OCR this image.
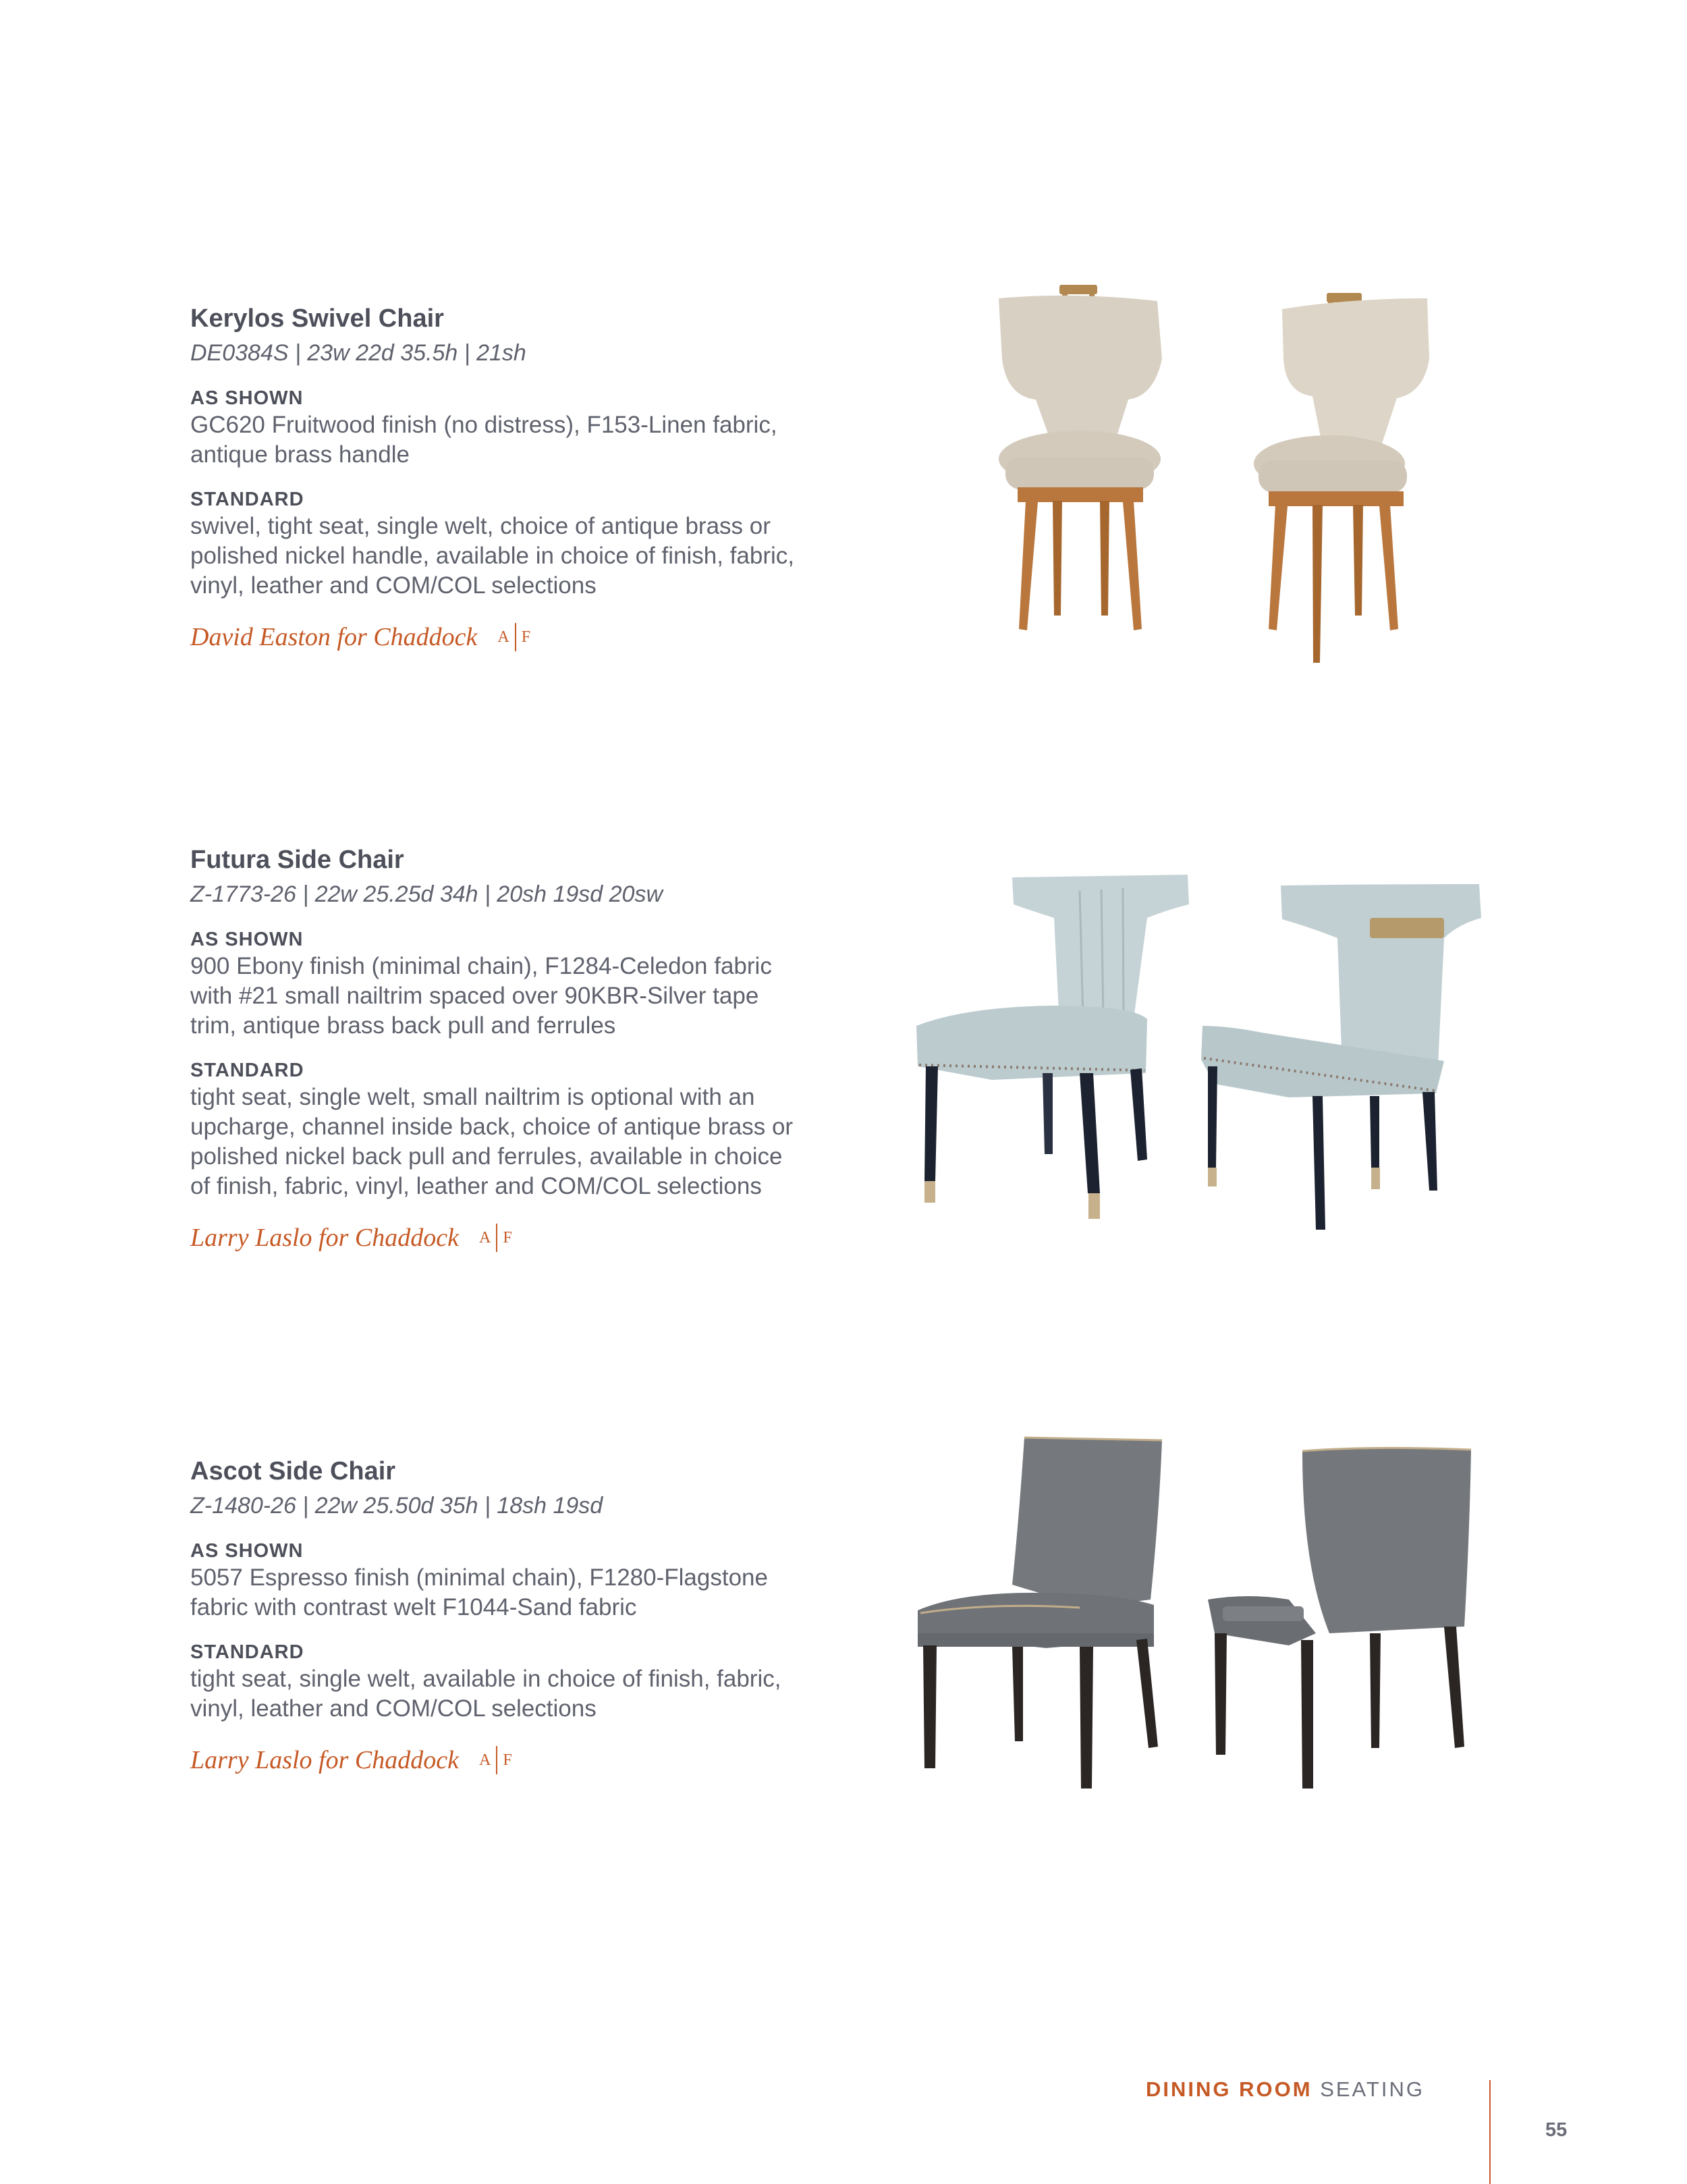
Kerylos Swivel Chair

DE0384S | 23w 22d 35.5h | 21sh

AS SHOWN

GC620 Fruitwood finish (no distress), F153-Linen fabric,

antique brass handle

STANDARD

swivel, tight seat, single welt, choice of antique brass or

polished nickel handle, available in choice of finish, fabric,

vinyl, leather and COM/COL selections

David Easton for Chaddock A F
Futura Side Chair

Z-1773-26 | 22w 25.25d 34h | 20sh 19sd 20sw

AS SHOWN

900 Ebony finish (minimal chain), F1284-Celedon fabric

with #21 small nailtrim spaced over 90KBR-Silver tape

trim, antique brass back pull and ferrules

STANDARD

tight seat, single welt, small nailtrim is optional with an

upcharge, channel inside back, choice of antique brass or

polished nickel back pull and ferrules, available in choice

of finish, fabric, vinyl, leather and COM/COL selections

Larry Laslo for Chaddock A F
Ascot Side Chair

Z-1480-26 | 22w 25.50d 35h | 18sh 19sd

AS SHOWN

5057 Espresso finish (minimal chain), F1280-Flagstone

fabric with contrast welt F1044-Sand fabric

STANDARD

tight seat, single welt, available in choice of finish, fabric,

vinyl, leather and COM/COL selections

Larry Laslo for Chaddock A F
DINING ROOM SEATING
55
